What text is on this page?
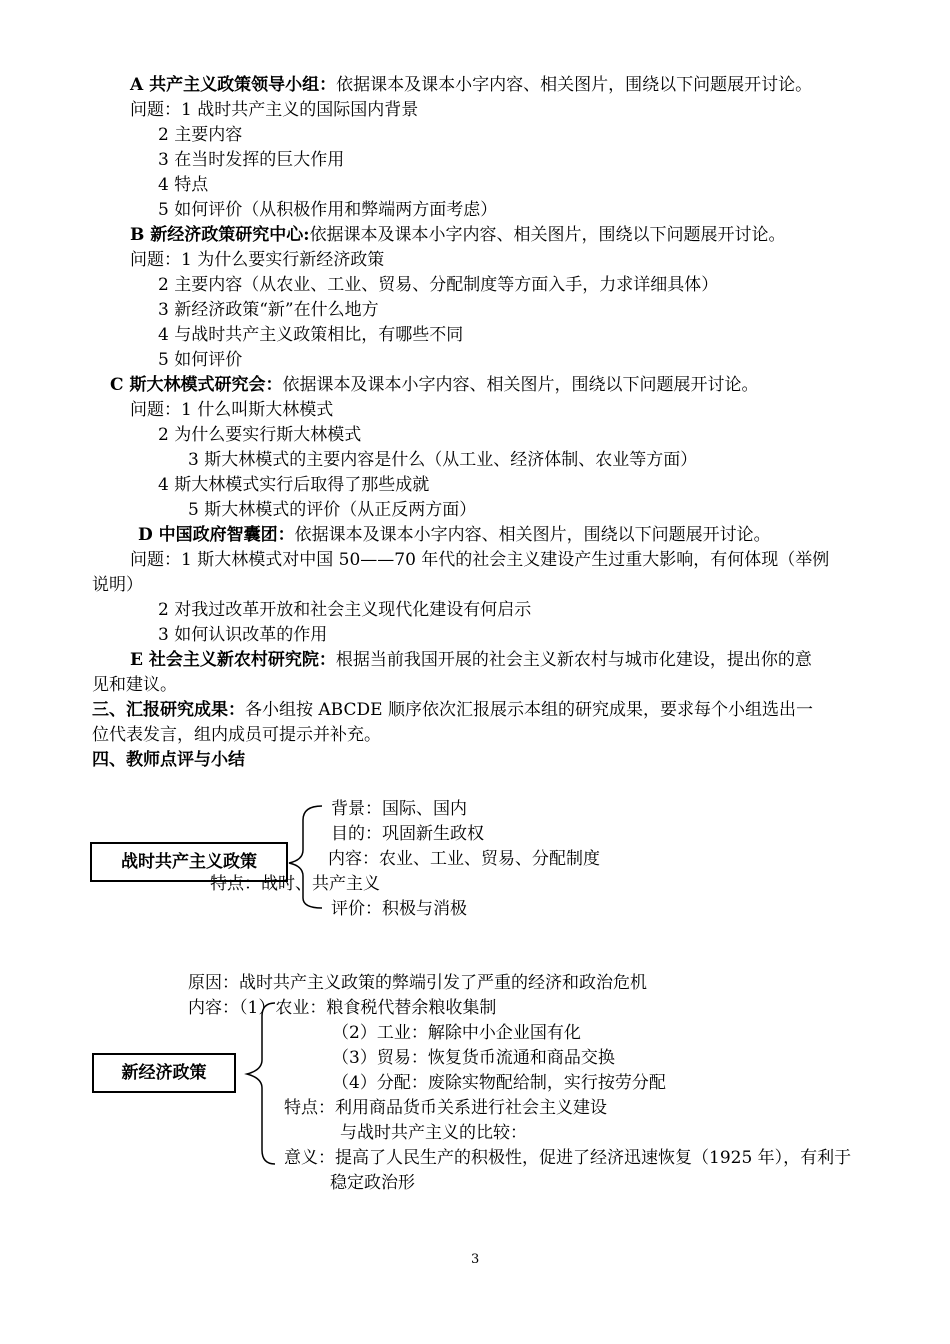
A 共产主义政策领导小组：依据课本及课本小字内容、相关图片，围绕以下问题展开讨论。
问题：1 战时共产主义的国际国内背景
2 主要内容
3 在当时发挥的巨大作用
4 特点
5 如何评价（从积极作用和弊端两方面考虑）
B 新经济政策研究中心:依据课本及课本小字内容、相关图片，围绕以下问题展开讨论。
问题：1 为什么要实行新经济政策
2 主要内容（从农业、工业、贸易、分配制度等方面入手，力求详细具体）
3 新经济政策“新”在什么地方
4 与战时共产主义政策相比，有哪些不同
5 如何评价
C 斯大林模式研究会：依据课本及课本小字内容、相关图片，围绕以下问题展开讨论。
问题：1 什么叫斯大林模式
2 为什么要实行斯大林模式
3 斯大林模式的主要内容是什么（从工业、经济体制、农业等方面）
4 斯大林模式实行后取得了那些成就
5 斯大林模式的评价（从正反两方面）
D 中国政府智囊团：依据课本及课本小字内容、相关图片，围绕以下问题展开讨论。
问题：1 斯大林模式对中国 50——70 年代的社会主义建设产生过重大影响，有何体现（举例
说明）
2 对我过改革开放和社会主义现代化建设有何启示
3 如何认识改革的作用
E 社会主义新农村研究院：根据当前我国开展的社会主义新农村与城市化建设，提出你的意
见和建议。
三、汇报研究成果：各小组按 ABCDE 顺序依次汇报展示本组的研究成果，要求每个小组选出一
位代表发言，组内成员可提示并补充。
四、教师点评与小结
战时共产主义政策
背景：国际、国内
目的：巩固新生政权
内容：农业、工业、贸易、分配制度
特点：战时、共产主义
评价：积极与消极
新经济政策
原因：战时共产主义政策的弊端引发了严重的经济和政治危机
内容：（1）农业：粮食税代替余粮收集制
（2）工业：解除中小企业国有化
（3）贸易：恢复货币流通和商品交换
（4）分配：废除实物配给制，实行按劳分配
特点：利用商品货币关系进行社会主义建设
与战时共产主义的比较：
意义：提高了人民生产的积极性，促进了经济迅速恢复（1925 年），有利于
稳定政治形
3
